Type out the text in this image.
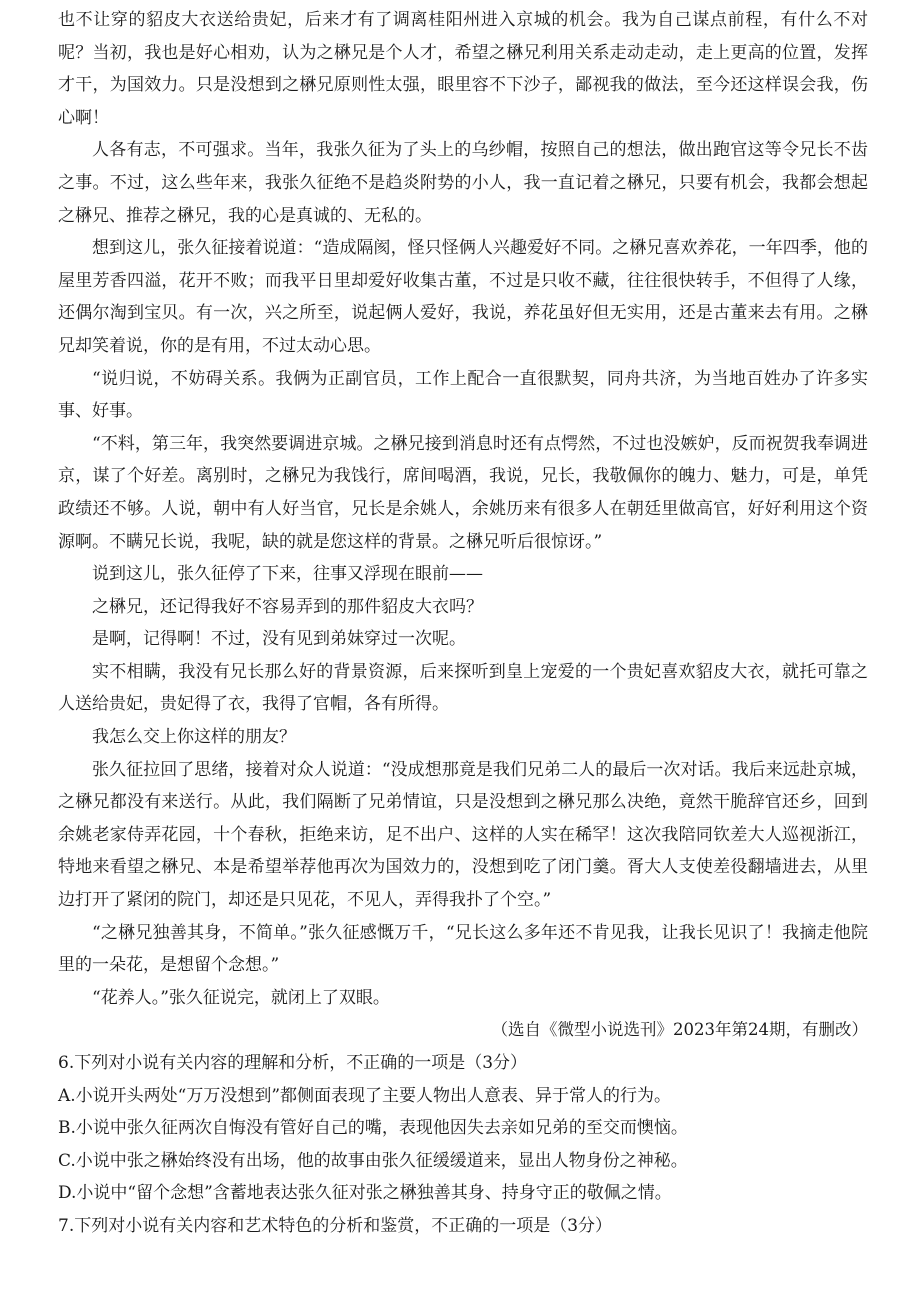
也不让穿的貂皮大衣送给贵妃，后来才有了调离桂阳州进入京城的机会。我为自己谋点前程，有什么不对呢？当初，我也是好心相劝，认为之楙兄是个人才，希望之楙兄利用关系走动走动，走上更高的位置，发挥才干，为国效力。只是没想到之楙兄原则性太强，眼里容不下沙子，鄙视我的做法，至今还这样误会我，伤心啊！

人各有志，不可强求。当年，我张久征为了头上的乌纱帽，按照自己的想法，做出跑官这等令兄长不齿之事。不过，这么些年来，我张久征绝不是趋炎附势的小人，我一直记着之楙兄，只要有机会，我都会想起之楙兄、推荐之楙兄，我的心是真诚的、无私的。

想到这儿，张久征接着说道：“造成隔阂，怪只怪俩人兴趣爱好不同。之楙兄喜欢养花，一年四季，他的屋里芳香四溢，花开不败；而我平日里却爱好收集古董，不过是只收不藏，往往很快转手，不但得了人缘，还偶尔淘到宝贝。有一次，兴之所至，说起俩人爱好，我说，养花虽好但无实用，还是古董来去有用。之楙兄却笑着说，你的是有用，不过太动心思。

“说归说，不妨碍关系。我俩为正副官员，工作上配合一直很默契，同舟共济，为当地百姓办了许多实事、好事。

“不料，第三年，我突然要调进京城。之楙兄接到消息时还有点愕然，不过也没嫉妒，反而祝贺我奉调进京，谋了个好差。离别时，之楙兄为我饯行，席间喝酒，我说，兄长，我敬佩你的魄力、魅力，可是，单凭政绩还不够。人说，朝中有人好当官，兄长是余姚人，余姚历来有很多人在朝廷里做高官，好好利用这个资源啊。不瞒兄长说，我呢，缺的就是您这样的背景。之楙兄听后很惊讶。”

说到这儿，张久征停了下来，往事又浮现在眼前——

之楙兄，还记得我好不容易弄到的那件貂皮大衣吗？

是啊，记得啊！不过，没有见到弟妹穿过一次呢。

实不相瞒，我没有兄长那么好的背景资源，后来探听到皇上宠爱的一个贵妃喜欢貂皮大衣，就托可靠之人送给贵妃，贵妃得了衣，我得了官帽，各有所得。

我怎么交上你这样的朋友？

张久征拉回了思绪，接着对众人说道：“没成想那竟是我们兄弟二人的最后一次对话。我后来远赴京城，之楙兄都没有来送行。从此，我们隔断了兄弟情谊，只是没想到之楙兄那么决绝，竟然干脆辞官还乡，回到余姚老家侍弄花园，十个春秋，拒绝来访，足不出户、这样的人实在稀罕！这次我陪同钦差大人巡视浙江，特地来看望之楙兄、本是希望举荐他再次为国效力的，没想到吃了闭门羹。胥大人支使差役翻墙进去，从里边打开了紧闭的院门，却还是只见花，不见人，弄得我扑了个空。”

“之楙兄独善其身，不简单。”张久征感慨万千，“兄长这么多年还不肯见我，让我长见识了！我摘走他院里的一朵花，是想留个念想。”

“花养人。”张久征说完，就闭上了双眼。

（选自《微型小说选刊》2023年第24期，有删改）

6.下列对小说有关内容的理解和分析，不正确的一项是（3分）

A.小说开头两处“万万没想到”都侧面表现了主要人物出人意表、异于常人的行为。

B.小说中张久征两次自悔没有管好自己的嘴，表现他因失去亲如兄弟的至交而懊恼。

C.小说中张之楙始终没有出场，他的故事由张久征缓缓道来，显出人物身份之神秘。

D.小说中“留个念想”含蓄地表达张久征对张之楙独善其身、持身守正的敬佩之情。

7.下列对小说有关内容和艺术特色的分析和鉴赏，不正确的一项是（3分）
